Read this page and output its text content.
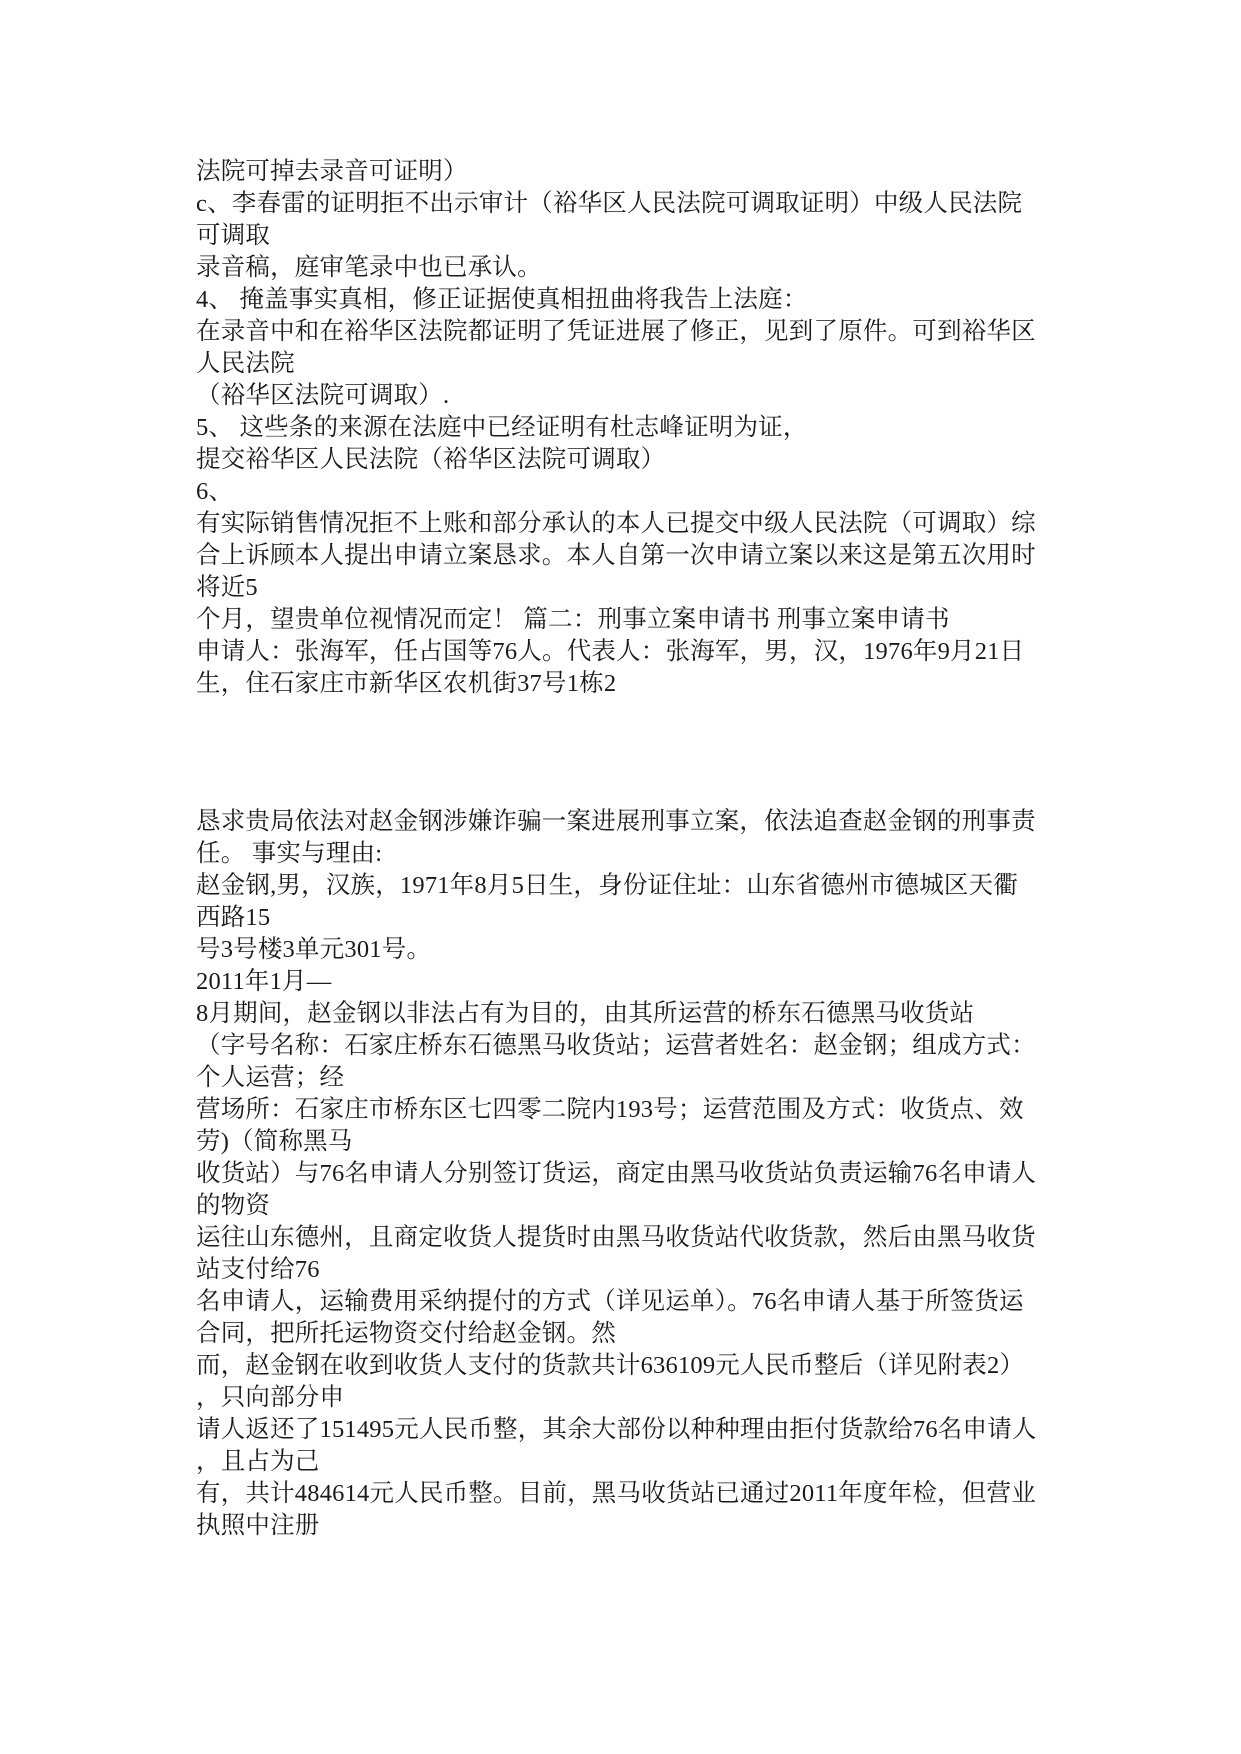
法院可掉去录音可证明）
c、李春雷的证明拒不出示审计（裕华区人民法院可调取证明）中级人民法院
可调取
录音稿，庭审笔录中也已承认。
4、 掩盖事实真相，修正证据使真相扭曲将我告上法庭：
在录音中和在裕华区法院都证明了凭证进展了修正，见到了原件。可到裕华区
人民法院
（裕华区法院可调取）.
5、 这些条的来源在法庭中已经证明有杜志峰证明为证，
提交裕华区人民法院（裕华区法院可调取）
6、
有实际销售情况拒不上账和部分承认的本人已提交中级人民法院（可调取）综
合上诉顾本人提出申请立案恳求。本人自第一次申请立案以来这是第五次用时
将近5
个月，望贵单位视情况而定！ 篇二：刑事立案申请书 刑事立案申请书
申请人：张海军，任占国等76人。代表人：张海军，男，汉，1976年9月21日
生，住石家庄市新华区农机街37号1栋2
恳求贵局依法对赵金钢涉嫌诈骗一案进展刑事立案，依法追查赵金钢的刑事责
任。 事实与理由:
赵金钢,男，汉族，1971年8月5日生，身份证住址：山东省德州市德城区天衢
西路15
号3号楼3单元301号。
2011年1月—
8月期间，赵金钢以非法占有为目的，由其所运营的桥东石德黑马收货站
（字号名称：石家庄桥东石德黑马收货站；运营者姓名：赵金钢；组成方式：
个人运营；经
营场所：石家庄市桥东区七四零二院内193号；运营范围及方式：收货点、效
劳)（简称黑马
收货站）与76名申请人分别签订货运，商定由黑马收货站负责运输76名申请人
的物资
运往山东德州，且商定收货人提货时由黑马收货站代收货款，然后由黑马收货
站支付给76
名申请人，运输费用采纳提付的方式（详见运单）。76名申请人基于所签货运
合同，把所托运物资交付给赵金钢。然
而，赵金钢在收到收货人支付的货款共计636109元人民币整后（详见附表2）
，只向部分申
请人返还了151495元人民币整，其余大部份以种种理由拒付货款给76名申请人
，且占为己
有，共计484614元人民币整。目前，黑马收货站已通过2011年度年检，但营业
执照中注册
